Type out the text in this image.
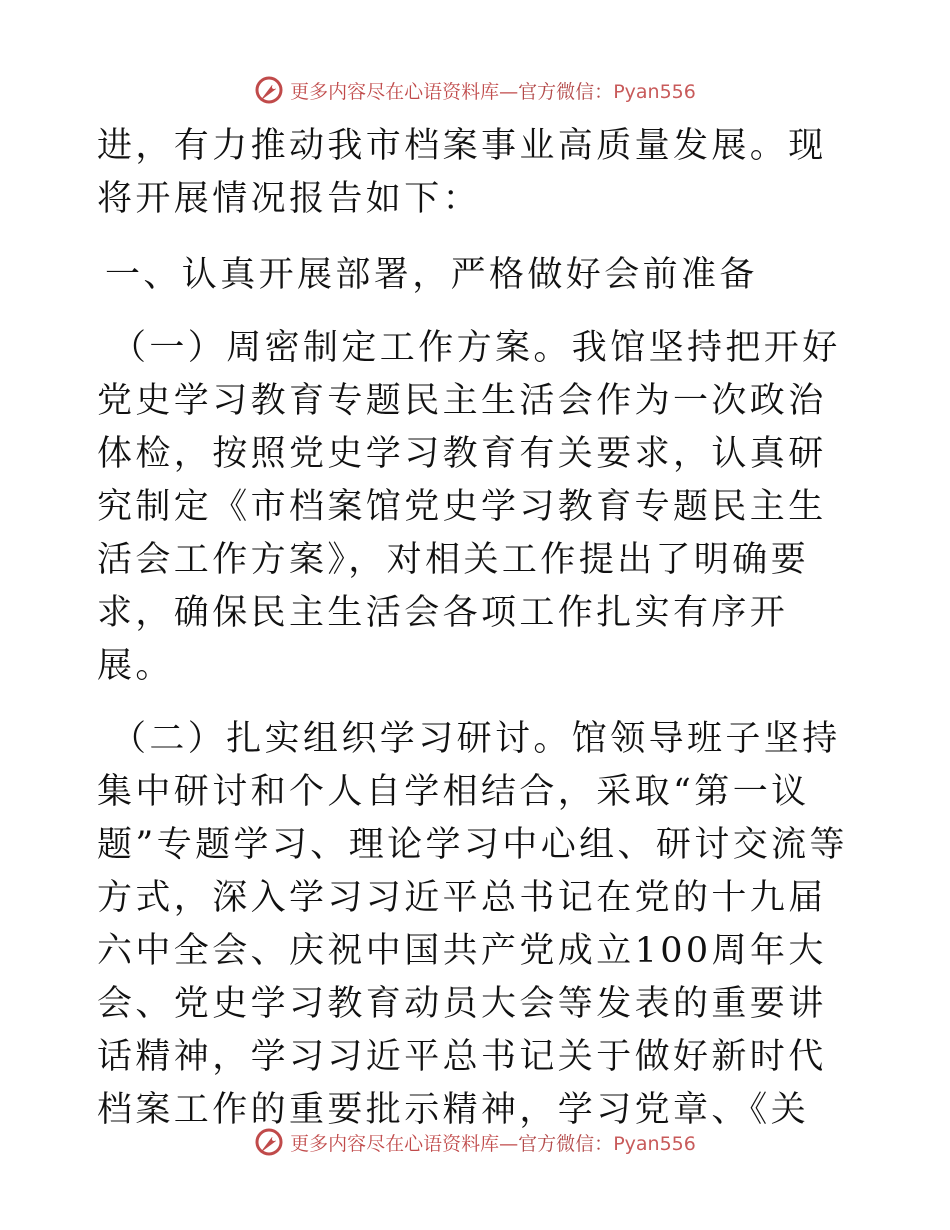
更多内容尽在心语资料库—官方微信：Pyan556

进，有力推动我市档案事业高质量发展。现将开展情况报告如下：

一、认真开展部署，严格做好会前准备

（一）周密制定工作方案。我馆坚持把开好党史学习教育专题民主生活会作为一次政治体检，按照党史学习教育有关要求，认真研究制定《市档案馆党史学习教育专题民主生活会工作方案》，对相关工作提出了明确要求，确保民主生活会各项工作扎实有序开展。

（二）扎实组织学习研讨。馆领导班子坚持集中研讨和个人自学相结合，采取“第一议题”专题学习、理论学习中心组、研讨交流等方式，深入学习习近平总书记在党的十九届六中全会、庆祝中国共产党成立100周年大会、党史学习教育动员大会等发表的重要讲话精神，学习习近平总书记关于做好新时代档案工作的重要批示精神，学习党章、《关

更多内容尽在心语资料库—官方微信：Pyan556
